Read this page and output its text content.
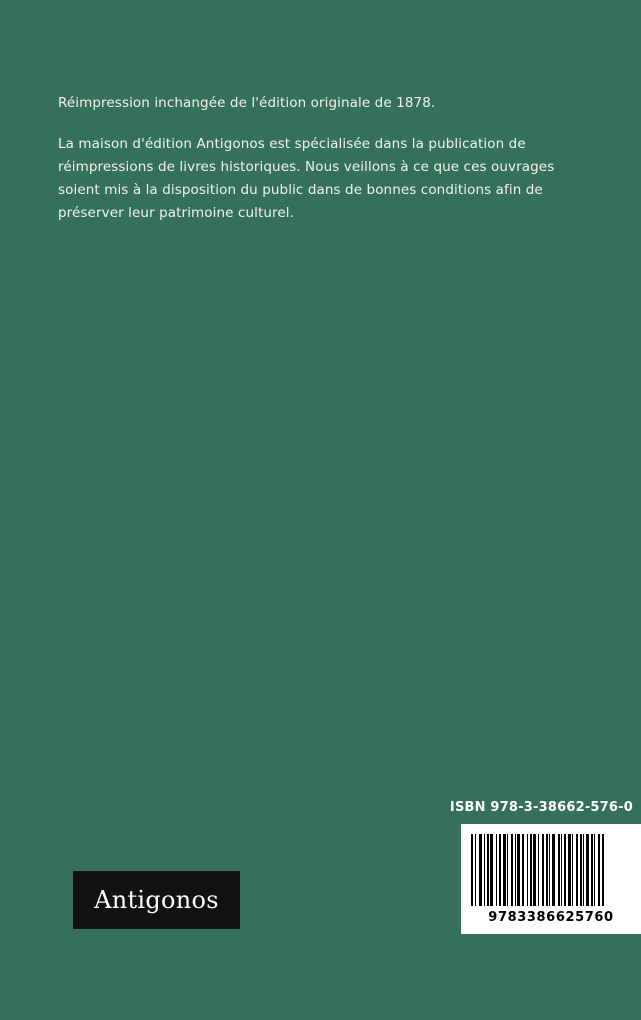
Réimpression inchangée de l'édition originale de 1878.

La maison d'édition Antigonos est spécialisée dans la publication de réimpressions de livres historiques. Nous veillons à ce que ces ouvrages soient mis à la disposition du public dans de bonnes conditions afin de préserver leur patrimoine culturel.

ISBN 978-3-38662-576-0
9783386625760
Antigonos
